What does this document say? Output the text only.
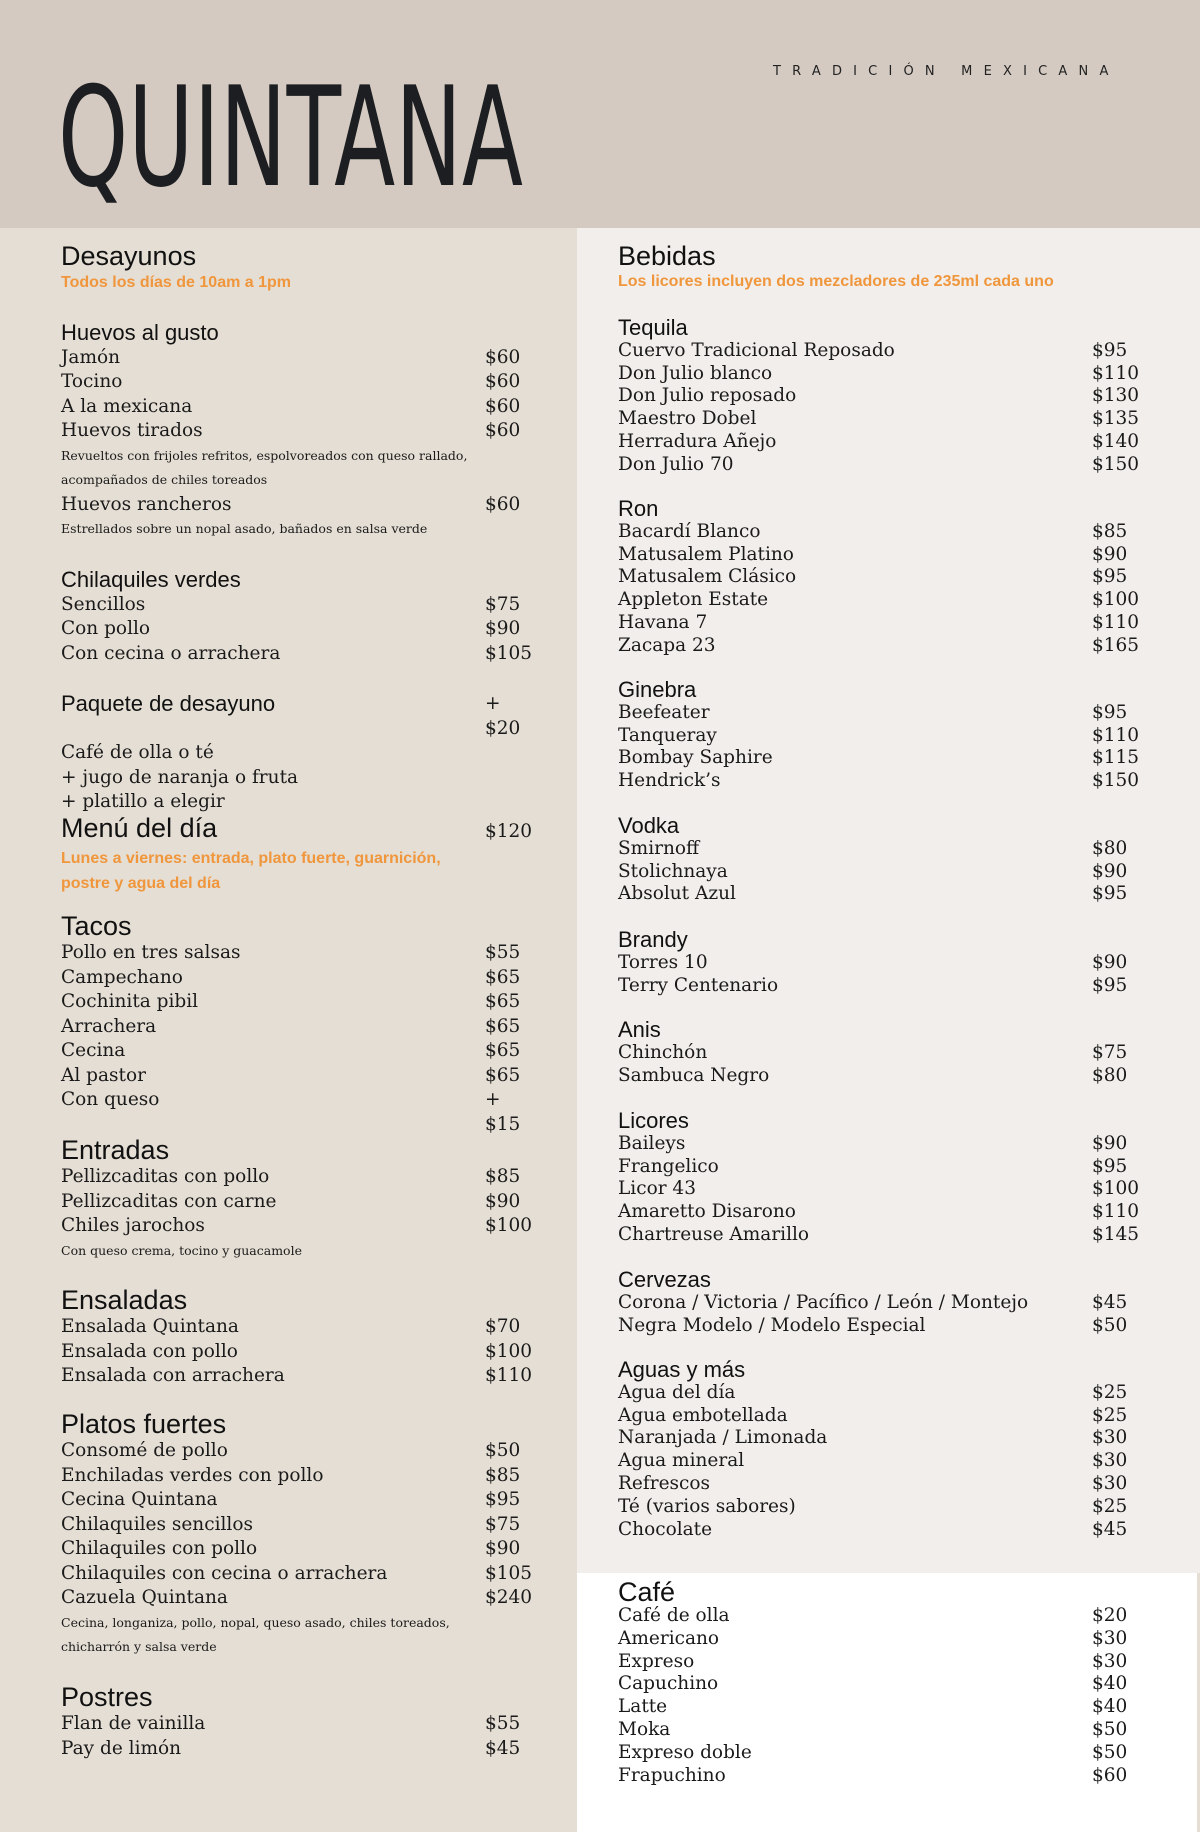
QUINTANA	TRADICIÓN MEXICANA
Desayunos
Todos los días de 10am a 1pm
Huevos al gusto
Jamón	$60
Tocino	$60
A la mexicana	$60
Huevos tirados	$60
Revueltos con frijoles refritos, espolvoreados con queso rallado, acompañados de chiles toreados
Huevos rancheros	$60
Estrellados sobre un nopal asado, bañados en salsa verde
Chilaquiles verdes
Sencillos	$75
Con pollo	$90
Con cecina o arrachera	$105
Paquete de desayuno	+ $20
Café de olla o té
+ jugo de naranja o fruta
+ platillo a elegir
Menú del día	$120
Lunes a viernes: entrada, plato fuerte, guarnición,
postre y agua del día
Tacos
Pollo en tres salsas	$55
Campechano	$65
Cochinita pibil	$65
Arrachera	$65
Cecina	$65
Al pastor	$65
Con queso	+ $15
Entradas
Pellizcaditas con pollo	$85
Pellizcaditas con carne	$90
Chiles jarochos	$100
Con queso crema, tocino y guacamole
Ensaladas
Ensalada Quintana	$70
Ensalada con pollo	$100
Ensalada con arrachera	$110
Platos fuertes
Consomé de pollo	$50
Enchiladas verdes con pollo	$85
Cecina Quintana	$95
Chilaquiles sencillos	$75
Chilaquiles con pollo	$90
Chilaquiles con cecina o arrachera	$105
Cazuela Quintana	$240
Cecina, longaniza, pollo, nopal, queso asado, chiles toreados, chicharrón y salsa verde
Postres
Flan de vainilla	$55
Pay de limón	$45
Bebidas
Los licores incluyen dos mezcladores de 235ml cada uno
Tequila
Cuervo Tradicional Reposado	$95
Don Julio blanco	$110
Don Julio reposado	$130
Maestro Dobel	$135
Herradura Añejo	$140
Don Julio 70	$150
Ron
Bacardí Blanco	$85
Matusalem Platino	$90
Matusalem Clásico	$95
Appleton Estate	$100
Havana 7	$110
Zacapa 23	$165
Ginebra
Beefeater	$95
Tanqueray	$110
Bombay Saphire	$115
Hendrick’s	$150
Vodka
Smirnoff	$80
Stolichnaya	$90
Absolut Azul	$95
Brandy
Torres 10	$90
Terry Centenario	$95
Anis
Chinchón	$75
Sambuca Negro	$80
Licores
Baileys	$90
Frangelico	$95
Licor 43	$100
Amaretto Disarono	$110
Chartreuse Amarillo	$145
Cervezas
Corona / Victoria / Pacífico / León / Montejo	$45
Negra Modelo / Modelo Especial	$50
Aguas y más
Agua del día	$25
Agua embotellada	$25
Naranjada / Limonada	$30
Agua mineral	$30
Refrescos	$30
Té (varios sabores)	$25
Chocolate	$45
Café
Café de olla	$20
Americano	$30
Expreso	$30
Capuchino	$40
Latte	$40
Moka	$50
Expreso doble	$50
Frapuchino	$60
